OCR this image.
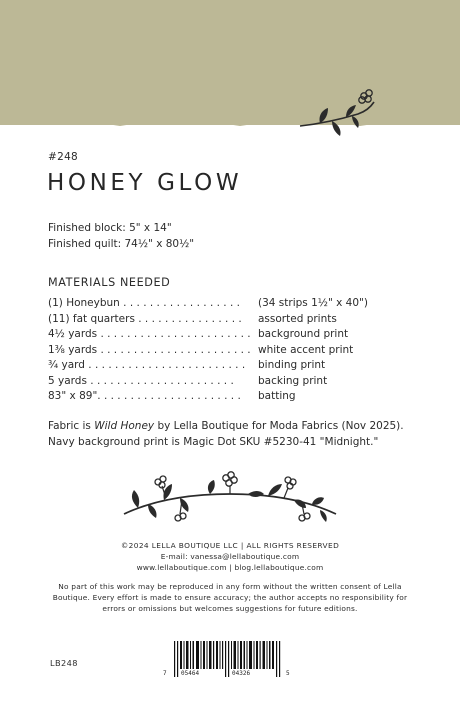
#248
HONEY GLOW
Finished block: 5" x 14"
Finished quilt: 74½" x 80½"
MATERIALS NEEDED
(1) Honeybun . . . . . . . . . . . . . . . . . . (34 strips 1½" x 40")
(11) fat quarters . . . . . . . . . . . . . . . . assorted prints
4½ yards . . . . . . . . . . . . . . . . . . . . . . . background print
1⅜ yards . . . . . . . . . . . . . . . . . . . . . . . white accent print
¾ yard . . . . . . . . . . . . . . . . . . . . . . . . binding print
5 yards . . . . . . . . . . . . . . . . . . . . . . backing print
83" x 89". . . . . . . . . . . . . . . . . . . . . . batting
Fabric is Wild Honey by Lella Boutique for Moda Fabrics (Nov 2025).
Navy background print is Magic Dot SKU #5230-41 "Midnight."
©2024 LELLA BOUTIQUE LLC | ALL RIGHTS RESERVED
E-mail: vanessa@lellaboutique.com
www.lellaboutique.com | blog.lellaboutique.com
No part of this work may be reproduced in any form without the written consent of Lella Boutique. Every effort is made to ensure accuracy; the author accepts no responsibility for errors or omissions but welcomes suggestions for future editions.
LB248
7 05464	04326	5
